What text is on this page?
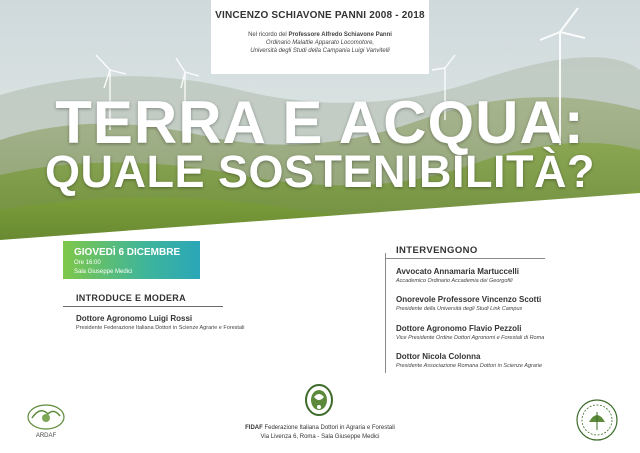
VINCENZO SCHIAVONE PANNI 2008 - 2018
Nel ricordo del Professore Alfredo Schiavone Panni
Ordinario Malattie Apparato Locomotore,
Università degli Studi della Campania Luigi Vanvitelli
TERRA E ACQUA:
QUALE SOSTENIBILITÀ?
GIOVEDÌ 6 DICEMBRE
Ore 16:00
Sala Giuseppe Medici
INTRODUCE E MODERA
Dottore Agronomo Luigi Rossi
Presidente Federazione Italiana Dottori in Scienze Agrarie e Forestali
INTERVENGONO
Avvocato Annamaria Martuccelli
Accademico Ordinario Accademia dei Georgofili
Onorevole Professore Vincenzo Scotti
Presidente della Università degli Studi Link Campus
Dottore Agronomo Flavio Pezzoli
Vice Presidente Ordine Dottori Agronomi e Forestali di Roma
Dottor Nicola Colonna
Presidente Associazione Romana Dottori in Scienze Agrarie
FIDAF Federazione Italiana Dottori in Agraria e Forestali
Via Livenza 6, Roma - Sala Giuseppe Medici
ARDAF
